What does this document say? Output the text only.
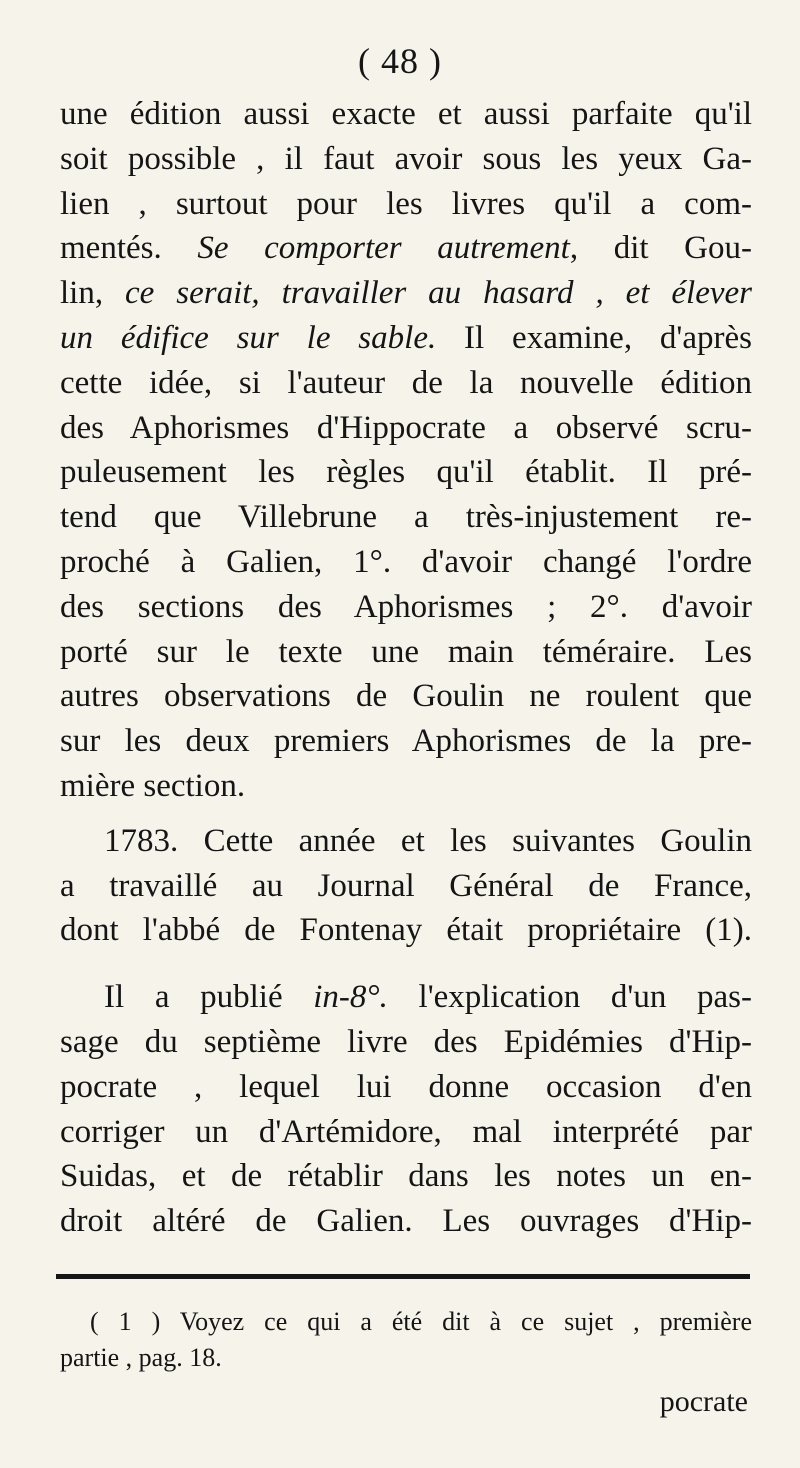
( 48 )
une édition aussi exacte et aussi parfaite qu'il
soit possible , il faut avoir sous les yeux Ga-
lien , surtout pour les livres qu'il a com-
mentés. Se comporter autrement, dit Gou-
lin, ce serait, travailler au hasard , et élever
un édifice sur le sable. Il examine, d'après
cette idée, si l'auteur de la nouvelle édition
des Aphorismes d'Hippocrate a observé scru-
puleusement les règles qu'il établit. Il pré-
tend que Villebrune a très-injustement re-
proché à Galien, 1°. d'avoir changé l'ordre
des sections des Aphorismes ; 2°. d'avoir
porté sur le texte une main téméraire. Les
autres observations de Goulin ne roulent que
sur les deux premiers Aphorismes de la pre-
mière section.
1783. Cette année et les suivantes Goulin
a travaillé au Journal Général de France,
dont l'abbé de Fontenay était propriétaire (1).
Il a publié in-8°. l'explication d'un pas-
sage du septième livre des Epidémies d'Hip-
pocrate , lequel lui donne occasion d'en
corriger un d'Artémidore, mal interprété par
Suidas, et de rétablir dans les notes un en-
droit altéré de Galien. Les ouvrages d'Hip-
( 1 ) Voyez ce qui a été dit à ce sujet , première
partie , pag. 18.
pocrate
